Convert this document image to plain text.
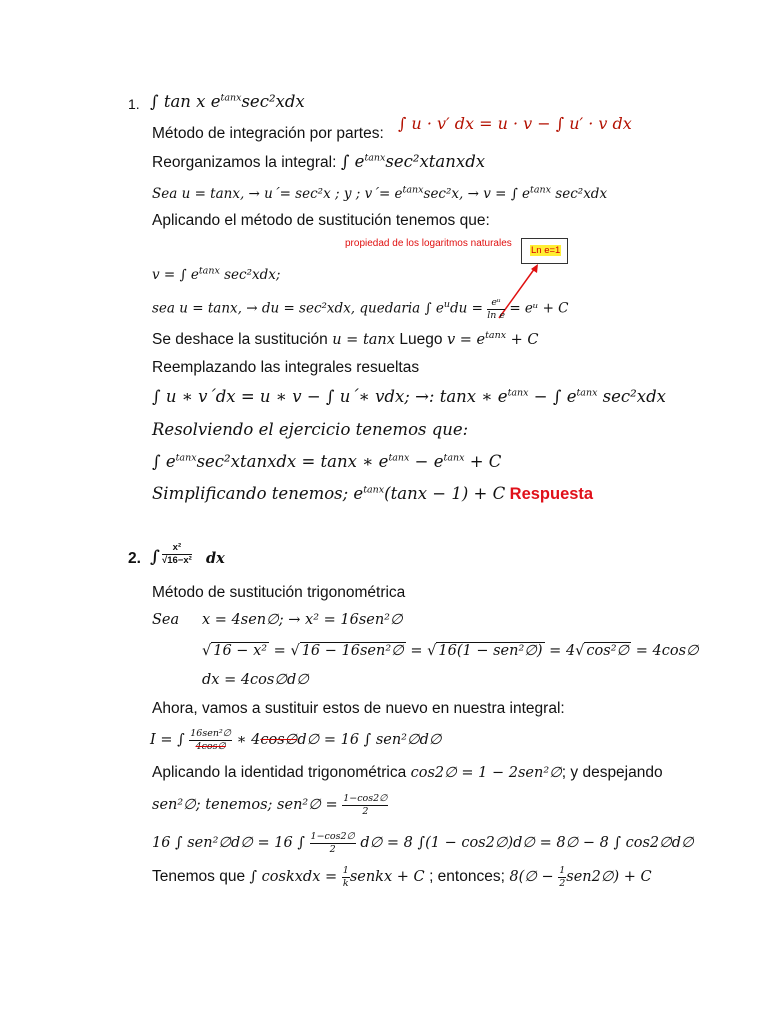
1. ∫ tan x $e^{tanx}\sec^2xdx$
Método de integración por partes:
∫ u · v′ dx = u · v − ∫ u′ · v dx
Reorganizamos la integral: ∫ $e^{tanx}\sec^2xtanxdx$
Sea u = tanx, → u´= sec²x ; y ; v´= $e^{tanx}\sec^2x$, → v = ∫ $e^{tanx}$ sec²xdx
Aplicando el método de sustitución tenemos que:
propiedad de los logaritmos naturales
Ln e=1
v = ∫ $e^{tanx}$ sec²xdx;
sea u = tanx, → du = sec²xdx, quedaria ∫ $e^udu = \frac{\text{eᵘ}}{\text{ln e}}$ = eᵘ + C
Se deshace la sustitución u = tanx Luego $v = e^{tanx} + C$
Reemplazando las integrales resueltas
∫ u ∗ v´dx = u ∗ v − ∫ u´∗ vdx; →: tanx ∗ $e^{tanx}$ − ∫ $e^{tanx}$ sec²xdx
Resolviendo el ejercicio tenemos que:
∫ $e^{tanx}\sec^2xtanxdx = \tan x$ ∗ $e^{tanx} - e^{tanx} + C$
Simplificando tenemos; $e^{tanx}(\tan x - 1) + C$ Respuesta
2. ∫ $\frac{\text{x²}}{\text{√16−x²}}$ dx
Método de sustitución trigonométrica
Sea x = 4sen∅; → x² = 16sen²∅
√ 16 − x² = √ 16 − 16sen²∅ = √ 16(1 − sen²∅) = 4√ cos²∅ = 4cos∅
dx = 4cos∅d∅
Ahora, vamos a sustituir estos de nuevo en nuestra integral:
I = ∫ $\frac{\text{16sen²∅}}{4\cos\emptyset}$ ∗ 4cos∅d∅ = 16 ∫ sen²∅d∅
Aplicando la identidad trigonométrica cos2∅ = 1 − 2sen²∅; y despejando
sen²∅; tenemos; sen²∅ = $\frac{1-\cos 2\emptyset}{2}$
16 ∫ sen²∅d∅ = 16 ∫ $\frac{1-\cos 2\emptyset}{2}$ d∅ = 8 ∫(1 − cos2∅)d∅ = 8∅ − 8 ∫ cos2∅d∅
Tenemos que ∫ coskxdx = $\frac{1}{k}$ senkx + C ; entonces; 8(∅ − $\frac{1}{2}$ sen2∅) + C
